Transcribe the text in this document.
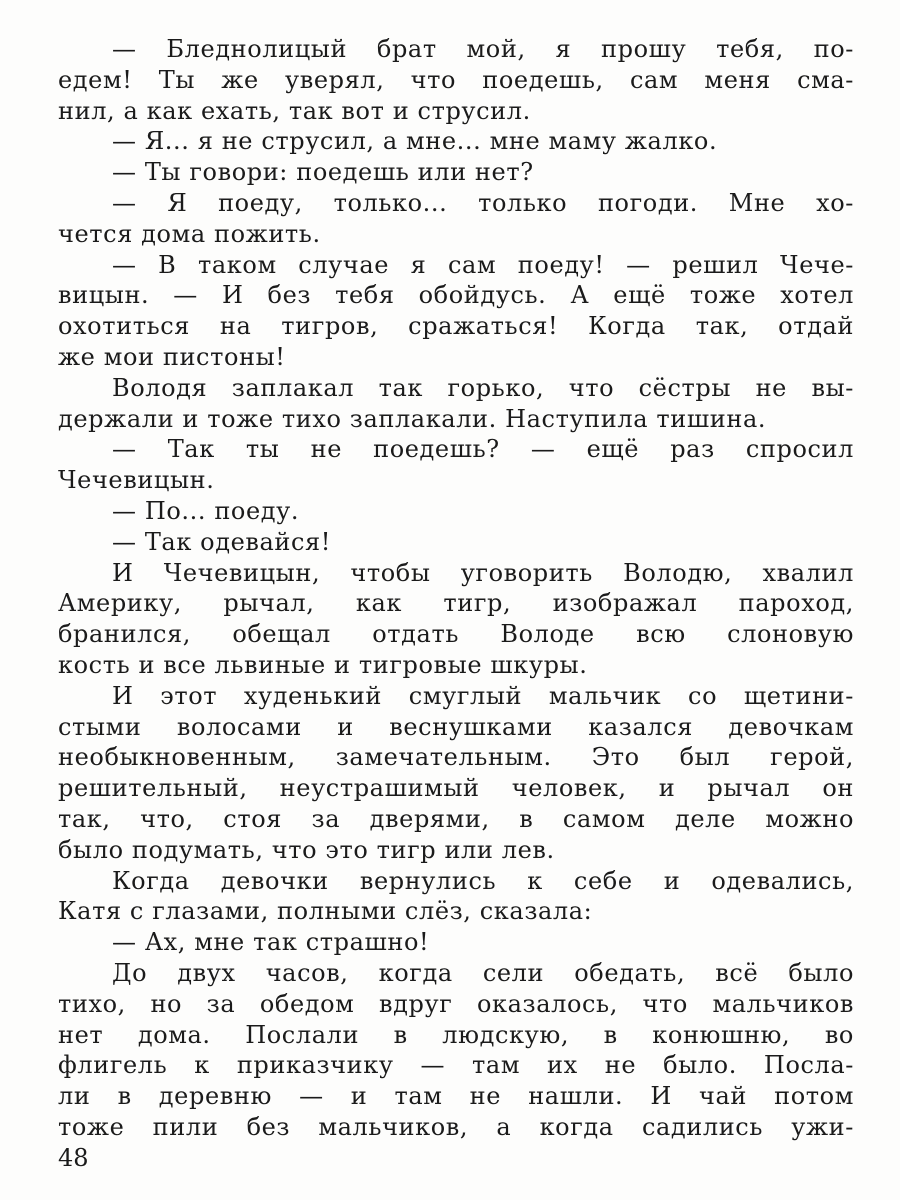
— Бледнолицый брат мой, я прошу тебя, по-
едем! Ты же уверял, что поедешь, сам меня сма-
нил, а как ехать, так вот и струсил.
— Я... я не струсил, а мне... мне маму жалко.
— Ты говори: поедешь или нет?
— Я поеду, только... только погоди. Мне хо-
чется дома пожить.
— В таком случае я сам поеду! — решил Чече-
вицын. — И без тебя обойдусь. А ещё тоже хотел
охотиться на тигров, сражаться! Когда так, отдай
же мои пистоны!
Володя заплакал так горько, что сёстры не вы-
держали и тоже тихо заплакали. Наступила тишина.
— Так ты не поедешь? — ещё раз спросил
Чечевицын.
— По... поеду.
— Так одевайся!
И Чечевицын, чтобы уговорить Володю, хвалил
Америку, рычал, как тигр, изображал пароход,
бранился, обещал отдать Володе всю слоновую
кость и все львиные и тигровые шкуры.
И этот худенький смуглый мальчик со щетини-
стыми волосами и веснушками казался девочкам
необыкновенным, замечательным. Это был герой,
решительный, неустрашимый человек, и рычал он
так, что, стоя за дверями, в самом деле можно
было подумать, что это тигр или лев.
Когда девочки вернулись к себе и одевались,
Катя с глазами, полными слёз, сказала:
— Ах, мне так страшно!
До двух часов, когда сели обедать, всё было
тихо, но за обедом вдруг оказалось, что мальчиков
нет дома. Послали в людскую, в конюшню, во
флигель к приказчику — там их не было. Посла-
ли в деревню — и там не нашли. И чай потом
тоже пили без мальчиков, а когда садились ужи-
48
